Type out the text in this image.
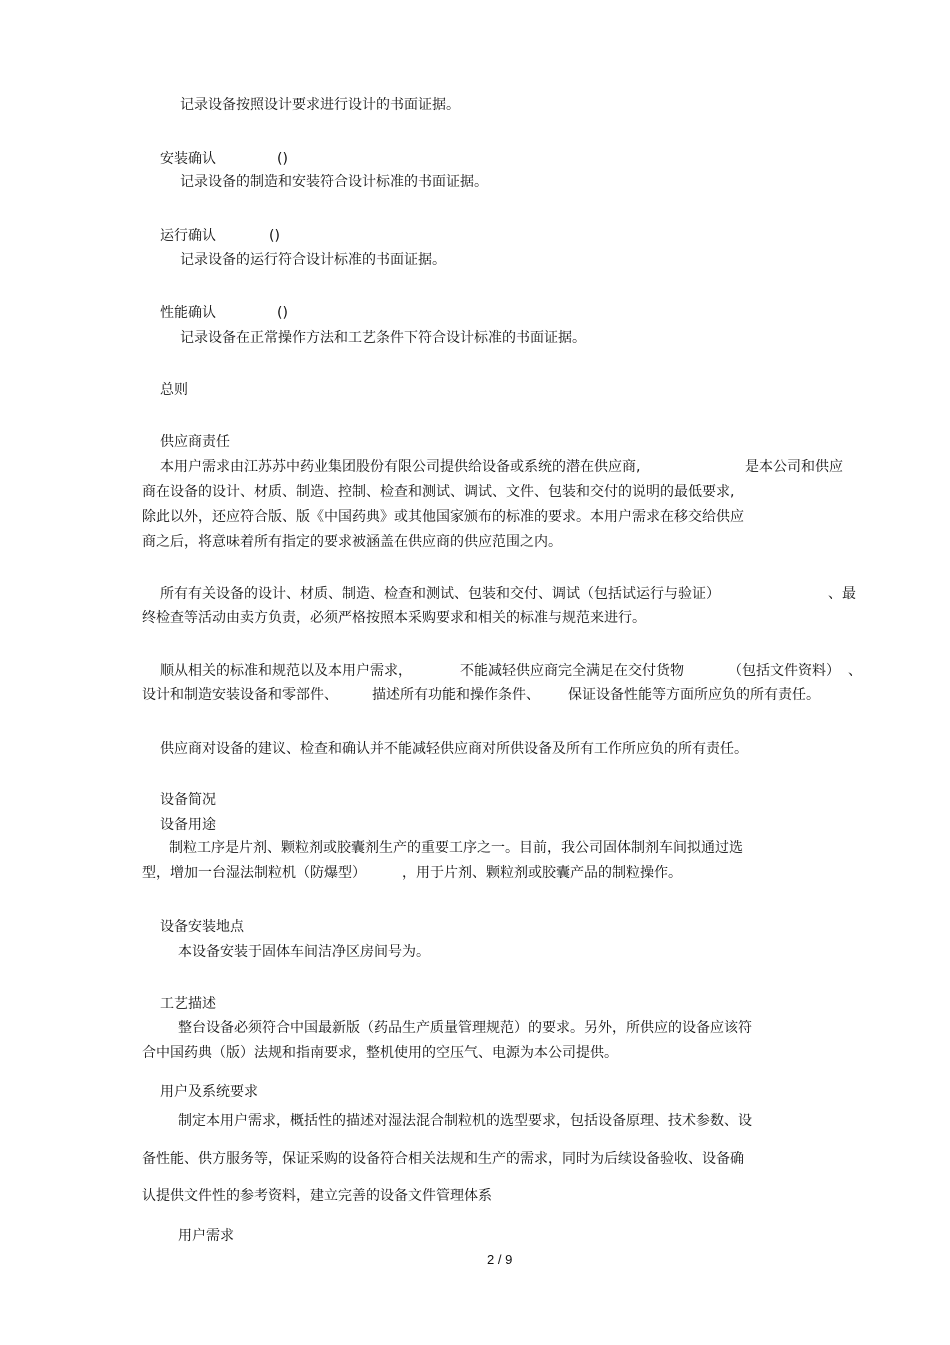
记录设备按照设计要求进行设计的书面证据。
安装确认	()
记录设备的制造和安装符合设计标准的书面证据。
运行确认	()
记录设备的运行符合设计标准的书面证据。
性能确认	()
记录设备在正常操作方法和工艺条件下符合设计标准的书面证据。
总则
供应商责任
本用户需求由江苏苏中药业集团股份有限公司提供给设备或系统的潜在供应商,	是本公司和供应
商在设备的设计、材质、制造、控制、检查和测试、调试、文件、包装和交付的说明的最低要求,
除此以外，还应符合版、版《中国药典》或其他国家颁布的标准的要求。本用户需求在移交给供应
商之后，将意味着所有指定的要求被涵盖在供应商的供应范围之内。
所有有关设备的设计、材质、制造、检查和测试、包装和交付、调试（包括试运行与验证）	、最
终检查等活动由卖方负责，必须严格按照本采购要求和相关的标准与规范来进行。
顺从相关的标准和规范以及本用户需求，	不能减轻供应商完全满足在交付货物	（包括文件资料） 、
设计和制造安装设备和零部件、 描述所有功能和操作条件、 保证设备性能等方面所应负的所有责任。
供应商对设备的建议、检查和确认并不能减轻供应商对所供设备及所有工作所应负的所有责任。
设备简况
设备用途
制粒工序是片剂、颗粒剂或胶囊剂生产的重要工序之一。目前，我公司固体制剂车间拟通过选
型，增加一台湿法制粒机（防爆型）	，用于片剂、颗粒剂或胶囊产品的制粒操作。
设备安装地点
本设备安装于固体车间洁净区房间号为。
工艺描述
整台设备必须符合中国最新版（药品生产质量管理规范）的要求。另外，所供应的设备应该符
合中国药典（版）法规和指南要求，整机使用的空压气、电源为本公司提供。
用户及系统要求
制定本用户需求，概括性的描述对湿法混合制粒机的选型要求，包括设备原理、技术参数、设
备性能、供方服务等，保证采购的设备符合相关法规和生产的需求，同时为后续设备验收、设备确
认提供文件性的参考资料，建立完善的设备文件管理体系
用户需求
2 / 9
